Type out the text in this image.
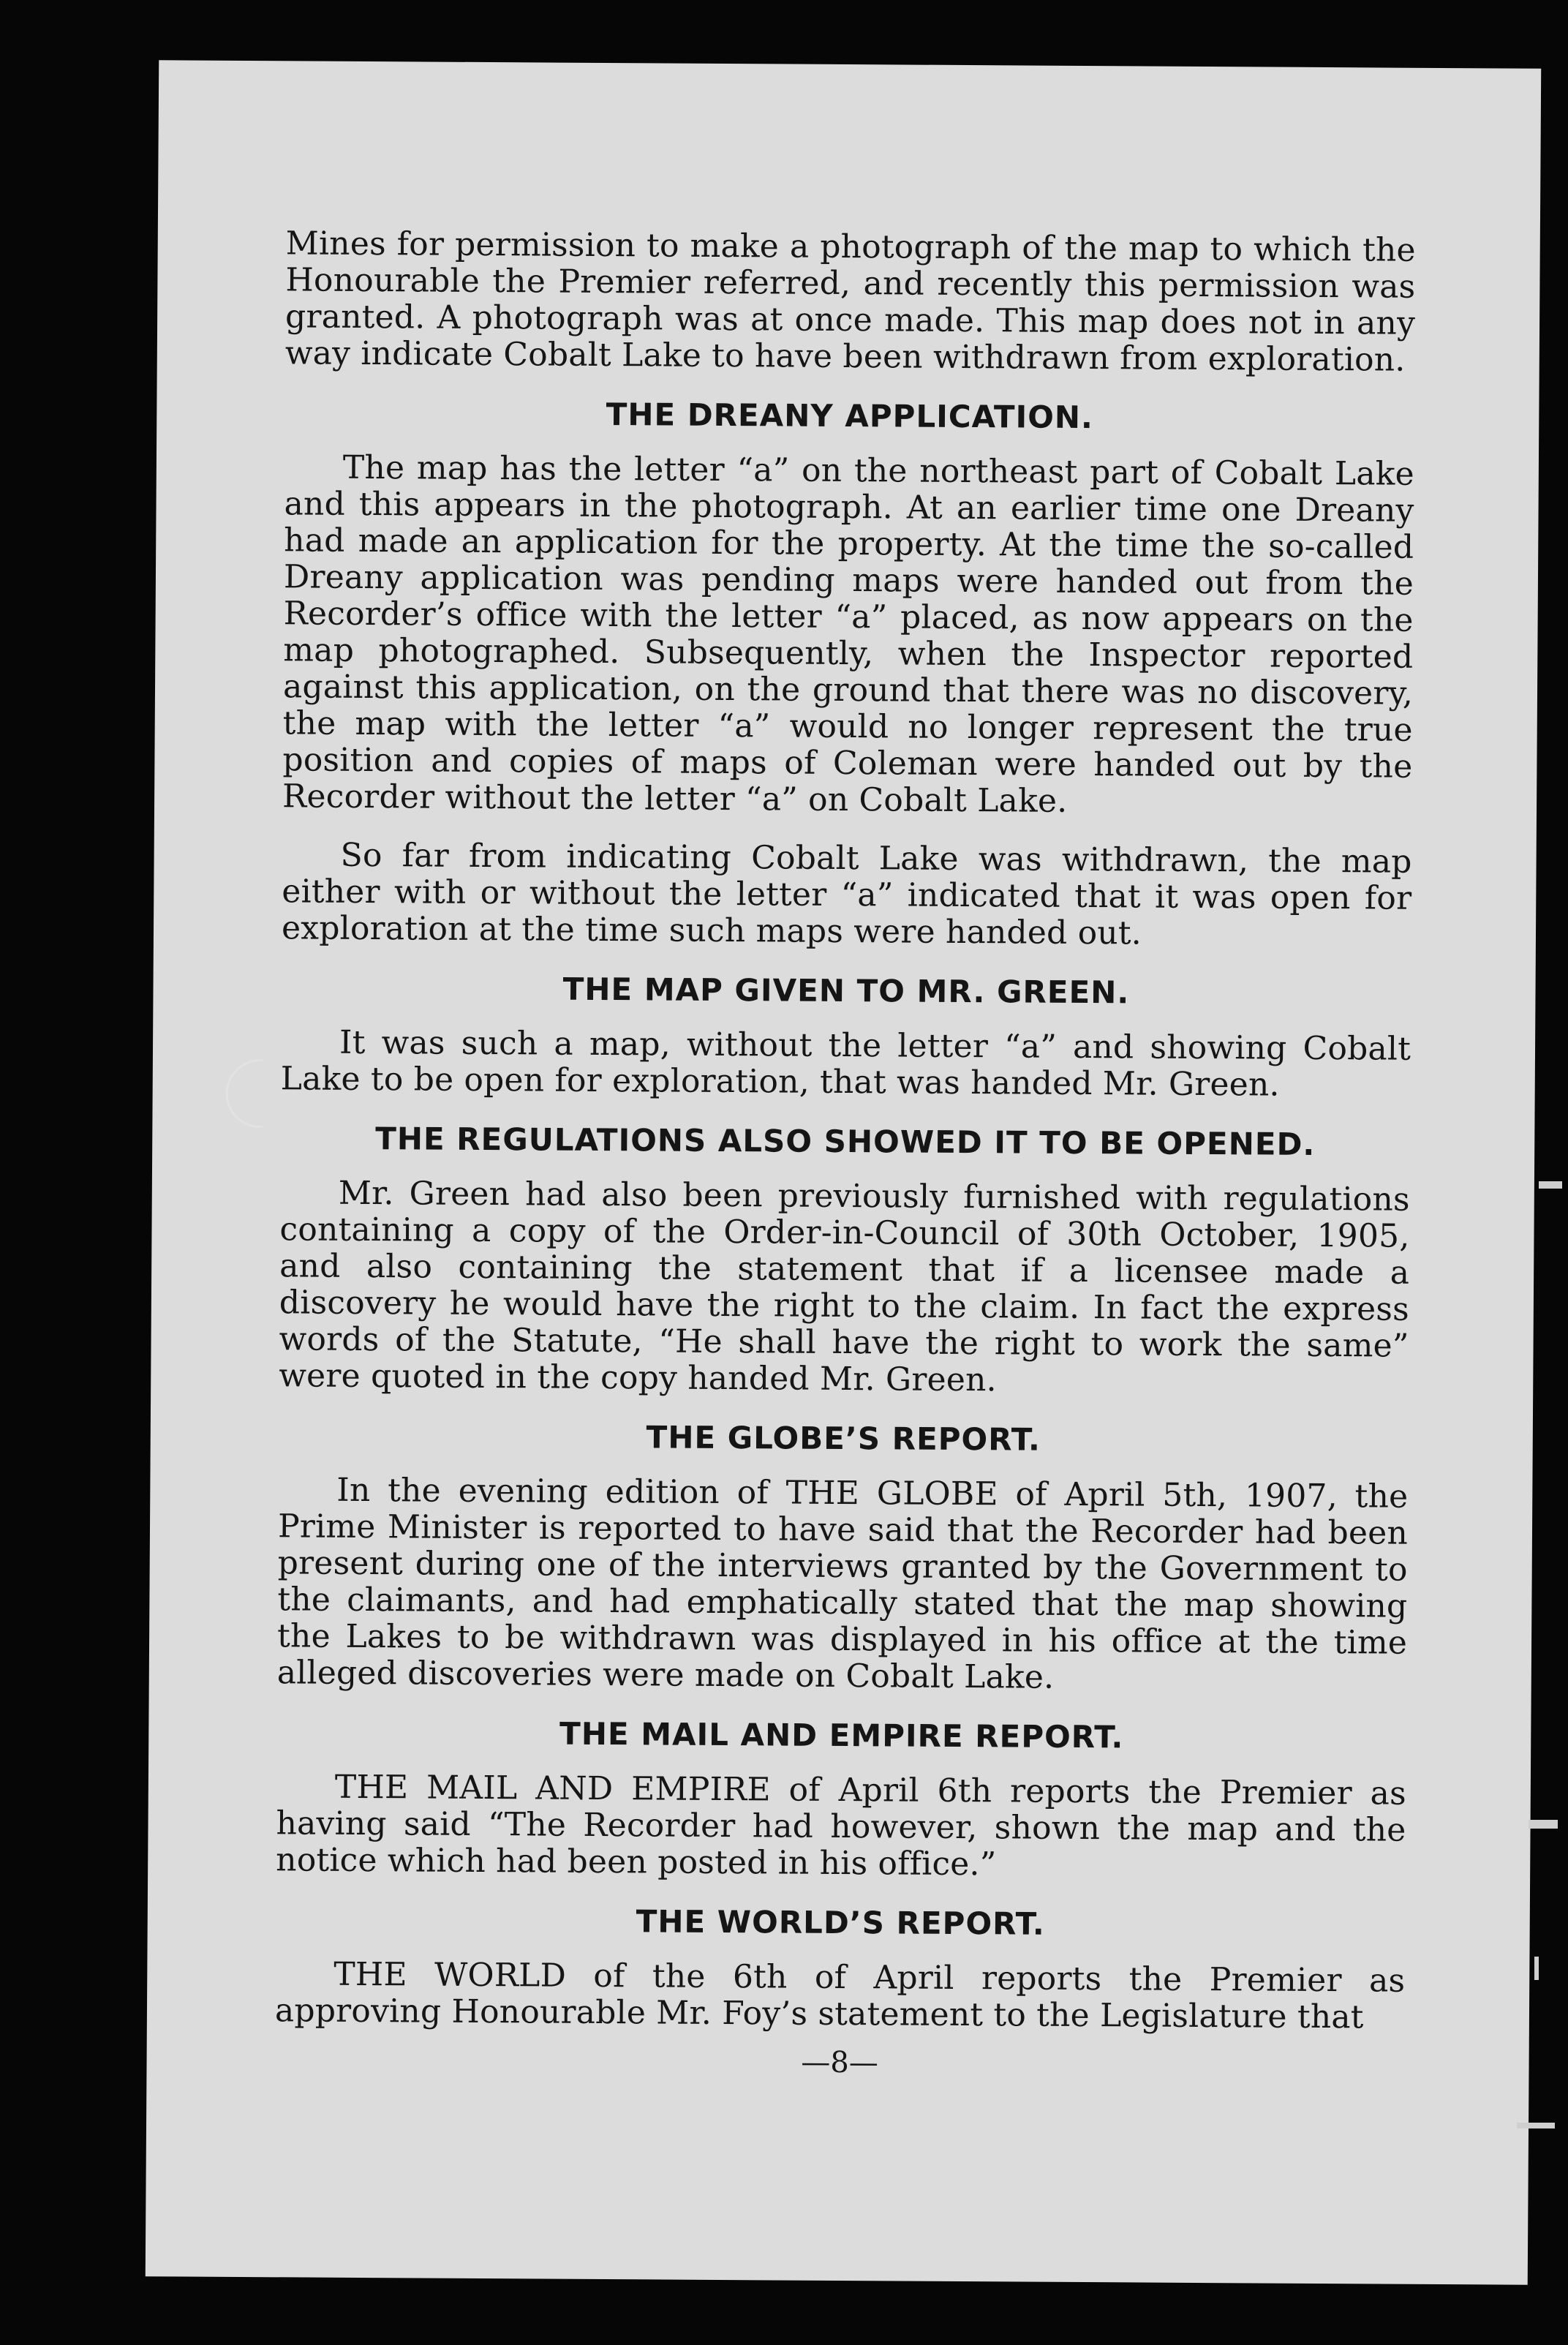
Mines for permission to make a photograph of the map to which the Honourable the Premier referred, and recently this permission was granted. A photograph was at once made. This map does not in any way indicate Cobalt Lake to have been withdrawn from exploration.

THE DREANY APPLICATION.

The map has the letter “a” on the northeast part of Cobalt Lake and this appears in the photograph. At an earlier time one Dreany had made an application for the property. At the time the so-called Dreany application was pending maps were handed out from the Recorder’s office with the letter “a” placed, as now appears on the map photographed. Subsequently, when the Inspector reported against this application, on the ground that there was no discovery, the map with the letter “a” would no longer represent the true position and copies of maps of Coleman were handed out by the Recorder without the letter “a” on Cobalt Lake.

So far from indicating Cobalt Lake was withdrawn, the map either with or without the letter “a” indicated that it was open for exploration at the time such maps were handed out.

THE MAP GIVEN TO MR. GREEN.

It was such a map, without the letter “a” and showing Cobalt Lake to be open for exploration, that was handed Mr. Green.

THE REGULATIONS ALSO SHOWED IT TO BE OPENED.

Mr. Green had also been previously furnished with regulations containing a copy of the Order-in-Council of 30th October, 1905, and also containing the statement that if a licensee made a discovery he would have the right to the claim. In fact the express words of the Statute, “He shall have the right to work the same” were quoted in the copy handed Mr. Green.

THE GLOBE’S REPORT.

In the evening edition of THE GLOBE of April 5th, 1907, the Prime Minister is reported to have said that the Recorder had been present during one of the interviews granted by the Government to the claimants, and had emphatically stated that the map showing the Lakes to be withdrawn was displayed in his office at the time alleged discoveries were made on Cobalt Lake.

THE MAIL AND EMPIRE REPORT.

THE MAIL AND EMPIRE of April 6th reports the Premier as having said “The Recorder had however, shown the map and the notice which had been posted in his office.”

THE WORLD’S REPORT.

THE WORLD of the 6th of April reports the Premier as approving Honourable Mr. Foy’s statement to the Legislature that

—8—
